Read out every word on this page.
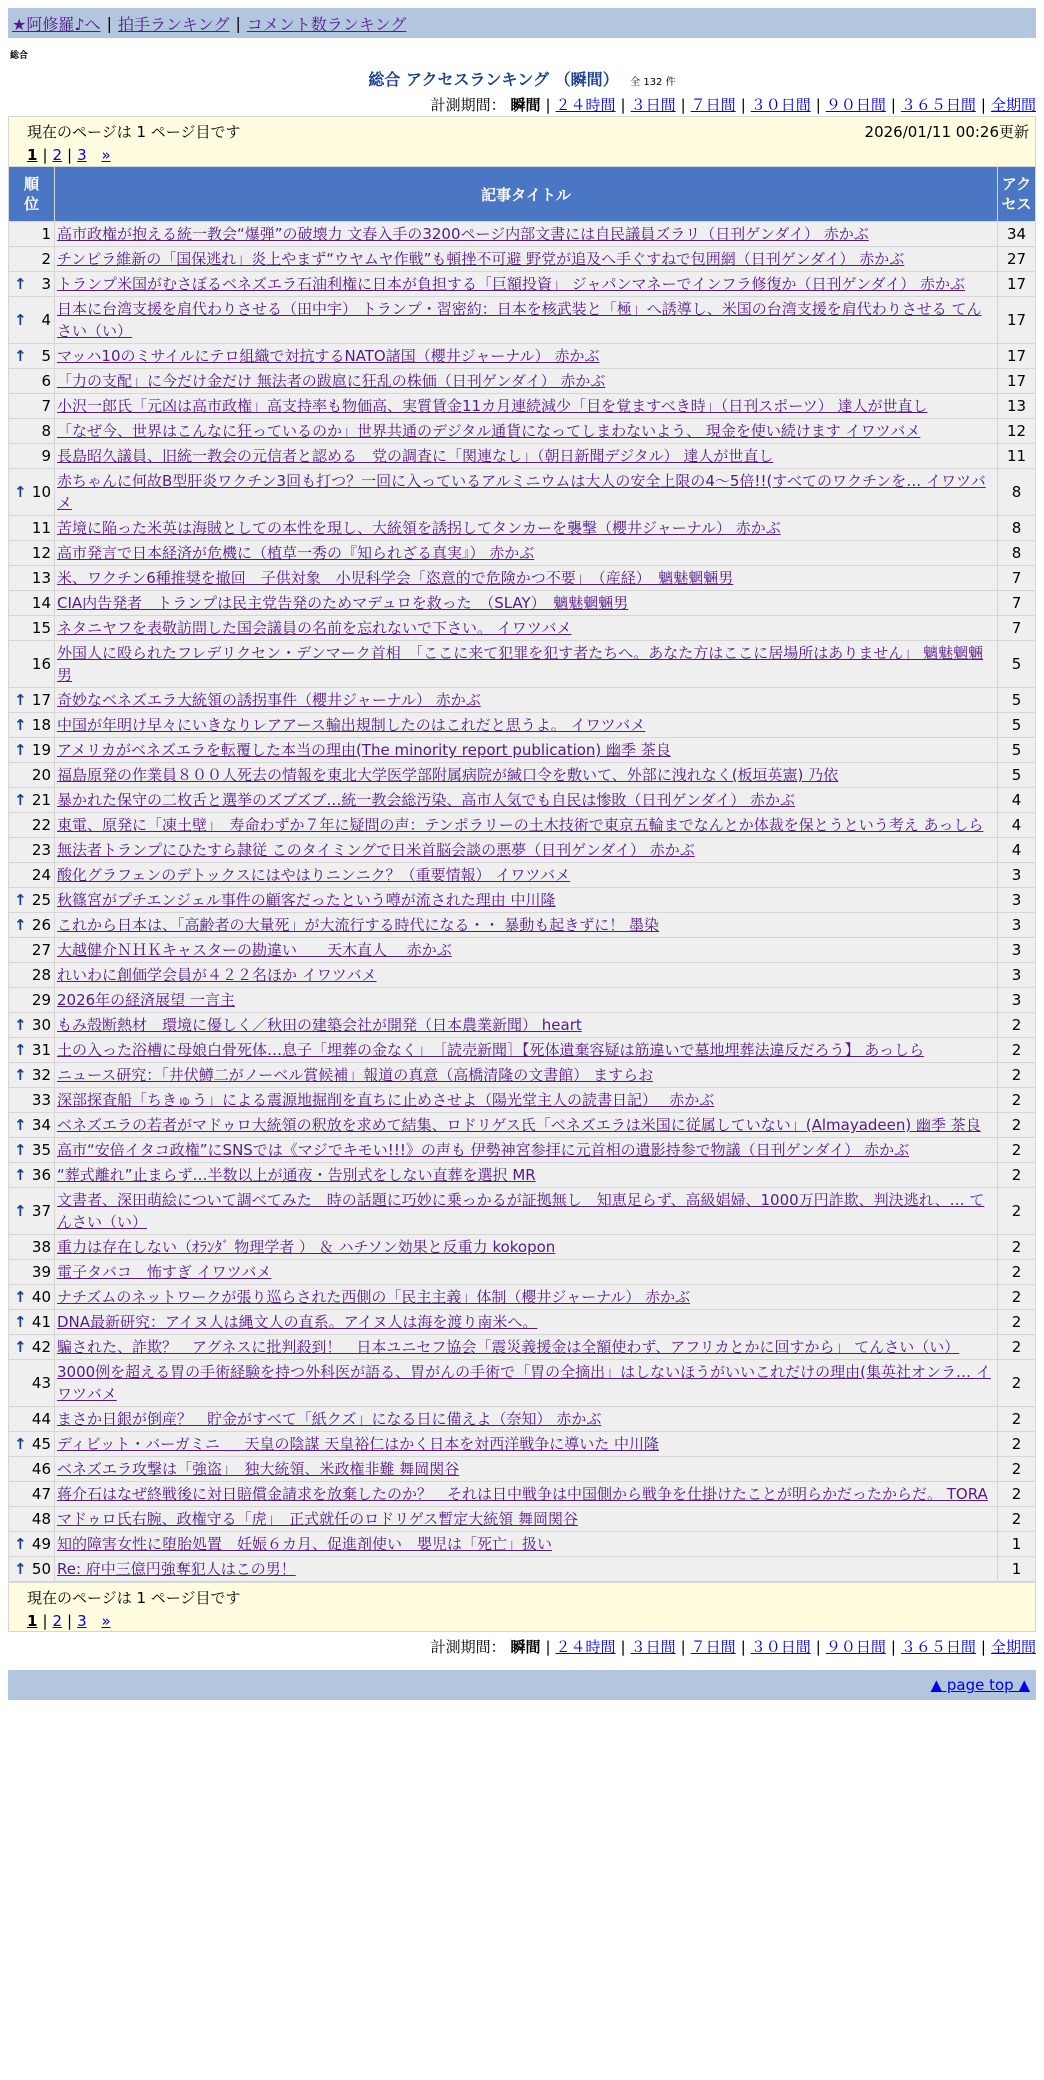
★阿修羅♪へ | 拍手ランキング | コメント数ランキング
総合
総合 アクセスランキング （瞬間） 全 132 件
計測期間： 瞬間 | ２４時間 | ３日間 | ７日間 | ３０日間 | ９０日間 | ３６５日間 | 全期間
現在のページは 1 ページ目です	2026/01/11 00:26更新
1 | 2 | 3 »
順位	記事タイトル	アクセス

1	高市政権が抱える統一教会“爆弾”の破壊力 文春入手の3200ページ内部文書には自民議員ズラリ（日刊ゲンダイ） 赤かぶ	34

2	チンピラ維新の「国保逃れ」炎上やまず“ウヤムヤ作戦”も頓挫不可避 野党が追及へ手ぐすねで包囲網（日刊ゲンダイ） 赤かぶ	27

↑ 3	トランプ米国がむさぼるベネズエラ石油利権に日本が負担する「巨額投資」 ジャパンマネーでインフラ修復か（日刊ゲンダイ） 赤かぶ	17

↑ 4	日本に台湾支援を肩代わりさせる（田中宇） トランプ・習密約：日本を核武装と「極」へ誘導し、米国の台湾支援を肩代わりさせる てんさい（い）	17

↑ 5	マッハ10のミサイルにテロ組織で対抗するNATO諸国（櫻井ジャーナル） 赤かぶ	17

6	「力の支配」に今だけ金だけ 無法者の跋扈に狂乱の株価（日刊ゲンダイ） 赤かぶ	17

7	小沢一郎氏「元凶は高市政権」高支持率も物価高、実質賃金11カ月連続減少「目を覚ますべき時」（日刊スポーツ） 達人が世直し	13

8	「なぜ今、世界はこんなに狂っているのか」世界共通のデジタル通貨になってしまわないよう、 現金を使い続けます イワツバメ	12

9	長島昭久議員、旧統一教会の元信者と認める　党の調査に「関連なし」（朝日新聞デジタル） 達人が世直し	11

↑ 10	赤ちゃんに何故B型肝炎ワクチン3回も打つ？一回に入っているアルミニウムは大人の安全上限の4～5倍!!(すべてのワクチンを… イワツバメ	8

11	苦境に陥った米英は海賊としての本性を現し、大統領を誘拐してタンカーを襲撃（櫻井ジャーナル） 赤かぶ	8

12	高市発言で日本経済が危機に（植草一秀の『知られざる真実』） 赤かぶ	8

13	米、ワクチン6種推奨を撤回　子供対象　小児科学会「恣意的で危険かつ不要」　（産経）　魑魅魍魎男	7

14	CIA内告発者　トランプは民主党告発のためマデュロを救った　（SLAY）　魑魅魍魎男	7

15	ネタニヤフを表敬訪問した国会議員の名前を忘れないで下さい。 イワツバメ	7

16	外国人に殴られたフレデリクセン・デンマーク首相　「ここに来て犯罪を犯す者たちへ。あなた方はここに居場所はありません」 魑魅魍魎男	5

↑ 17	奇妙なベネズエラ大統領の誘拐事件（櫻井ジャーナル） 赤かぶ	5

↑ 18	中国が年明け早々にいきなりレアアース輸出規制したのはこれだと思うよ。 イワツバメ	5

↑ 19	アメリカがベネズエラを転覆した本当の理由(The minority report publication) 幽季 茶良	5

20	福島原発の作業員８００人死去の情報を東北大学医学部附属病院が緘口令を敷いて、外部に洩れなく(板垣英憲) 乃依	5

↑ 21	暴かれた保守の二枚舌と選挙のズブズブ…統一教会総汚染、高市人気でも自民は惨敗（日刊ゲンダイ） 赤かぶ	4

22	東電、原発に「凍土壁」　寿命わずか７年に疑問の声：テンポラリーの土木技術で東京五輪までなんとか体裁を保とうという考え あっしら	4

23	無法者トランプにひたすら隷従 このタイミングで日米首脳会談の悪夢（日刊ゲンダイ） 赤かぶ	4

24	酸化グラフェンのデトックスにはやはりニンニク？（重要情報） イワツバメ	3

↑ 25	秋篠宮がプチエンジェル事件の顧客だったという噂が流された理由 中川隆	3

↑ 26	これから日本は、「高齢者の大量死」が大流行する時代になる・・ 暴動も起きずに！ 墨染	3

27	大越健介ＮＨＫキャスターの勘違い　　天木直人　 赤かぶ	3

28	れいわに創価学会員が４２２名ほか イワツバメ	3

29	2026年の経済展望 一言主	3

↑ 30	もみ殻断熱材　環境に優しく／秋田の建築会社が開発（日本農業新聞） heart	2

↑ 31	土の入った浴槽に母娘白骨死体…息子「埋葬の金なく」　［読売新聞］【死体遺棄容疑は筋違いで墓地埋葬法違反だろう】 あっしら	2

↑ 32	ニュース研究：「井伏鱒二がノーベル賞候補」報道の真意（高橋清隆の文書館） ますらお	2

33	深部探査船「ちきゅう」による震源地掘削を直ちに止めさせよ（陽光堂主人の読書日記）　 赤かぶ	2

↑ 34	ベネズエラの若者がマドゥロ大統領の釈放を求めて結集、ロドリゲス氏「ベネズエラは米国に従属していない」(Almayadeen) 幽季 茶良	2

↑ 35	高市“安倍イタコ政権”にSNSでは《マジでキモい!!!》の声も 伊勢神宮参拝に元首相の遺影持参で物議（日刊ゲンダイ） 赤かぶ	2

↑ 36	“葬式離れ”止まらず…半数以上が通夜・告別式をしない直葬を選択 MR	2

↑ 37	文書者、深田萌絵について調べてみた　時の話題に巧妙に乗っかるが証拠無し　知恵足らず、高級娼婦、1000万円詐欺、判決逃れ、… てんさい（い）	2

38	重力は存在しない（ｵﾗﾝﾀﾞ 物理学者 ） ＆ ハチソン効果と反重力 kokopon	2

39	電子タバコ　怖すぎ イワツバメ	2

↑ 40	ナチズムのネットワークが張り巡らされた西側の「民主主義」体制（櫻井ジャーナル） 赤かぶ	2

↑ 41	DNA最新研究：アイヌ人は縄文人の直系。アイヌ人は海を渡り南米へ。	2

↑ 42	騙された、詐欺？　アグネスに批判殺到！　日本ユニセフ協会「震災義援金は全額使わず、アフリカとかに回すから」 てんさい（い）	2

43	3000例を超える胃の手術経験を持つ外科医が語る、胃がんの手術で「胃の全摘出」はしないほうがいいこれだけの理由(集英社オンラ… イワツバメ	2

44	まさか日銀が倒産？　貯金がすべて「紙クズ」になる日に備えよ（奈知） 赤かぶ	2

↑ 45	ディビット・バーガミニ ＿ 天皇の陰謀 天皇裕仁はかく日本を対西洋戦争に導いた 中川隆	2

46	ベネズエラ攻撃は「強盗」　独大統領、米政権非難 舞岡関谷	2

47	蒋介石はなぜ終戦後に対日賠償金請求を放棄したのか？　それは日中戦争は中国側から戦争を仕掛けたことが明らかだったからだ。 TORA	2

48	マドゥロ氏右腕、政権守る「虎」　正式就任のロドリゲス暫定大統領 舞岡関谷	2

↑ 49	知的障害女性に堕胎処置　妊娠６カ月、促進剤使い　嬰児は「死亡」扱い	1

↑ 50	Re: 府中三億円強奪犯人はこの男！	1
現在のページは 1 ページ目です
1 | 2 | 3 »
計測期間： 瞬間 | ２４時間 | ３日間 | ７日間 | ３０日間 | ９０日間 | ３６５日間 | 全期間
▲ page top ▲
